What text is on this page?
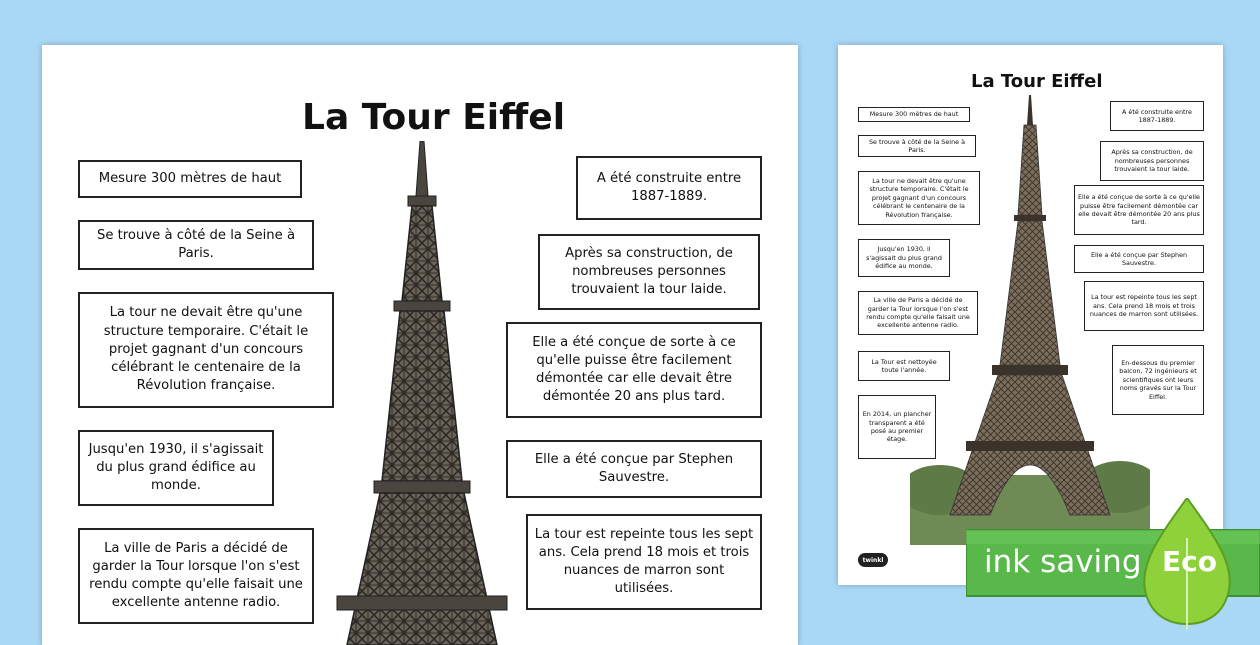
La Tour Eiffel
Mesure 300 mètres de haut
Se trouve à côté de la Seine à Paris.
La tour ne devait être qu'une structure temporaire. C'était le projet gagnant d'un concours célébrant le centenaire de la Révolution française.
Jusqu'en 1930, il s'agissait du plus grand édifice au monde.
La ville de Paris a décidé de garder la Tour lorsque l'on s'est rendu compte qu'elle faisait une excellente antenne radio.
A été construite entre 1887-1889.
Après sa construction, de nombreuses personnes trouvaient la tour laide.
Elle a été conçue de sorte à ce qu'elle puisse être facilement démontée car elle devait être démontée 20 ans plus tard.
Elle a été conçue par Stephen Sauvestre.
La tour est repeinte tous les sept ans. Cela prend 18 mois et trois nuances de marron sont utilisées.
La Tour Eiffel
Mesure 300 mètres de haut
Se trouve à côté de la Seine à Paris.
La tour ne devait être qu'une structure temporaire. C'était le projet gagnant d'un concours célébrant le centenaire de la Révolution française.
Jusqu'en 1930, il s'agissait du plus grand édifice au monde.
La ville de Paris a décidé de garder la Tour lorsque l'on s'est rendu compte qu'elle faisait une excellente antenne radio.
La Tour est nettoyée toute l'année.
En 2014, un plancher transparent a été posé au premier étage.
A été construite entre 1887-1889.
Après sa construction, de nombreuses personnes trouvaient la tour laide.
Elle a été conçue de sorte à ce qu'elle puisse être facilement démontée car elle devait être démontée 20 ans plus tard.
Elle a été conçue par Stephen Sauvestre.
La tour est repeinte tous les sept ans. Cela prend 18 mois et trois nuances de marron sont utilisées.
En-dessous du premier balcon, 72 ingénieurs et scientifiques ont leurs noms gravés sur la Tour Eiffel.
twinkl	ink saving Eco
